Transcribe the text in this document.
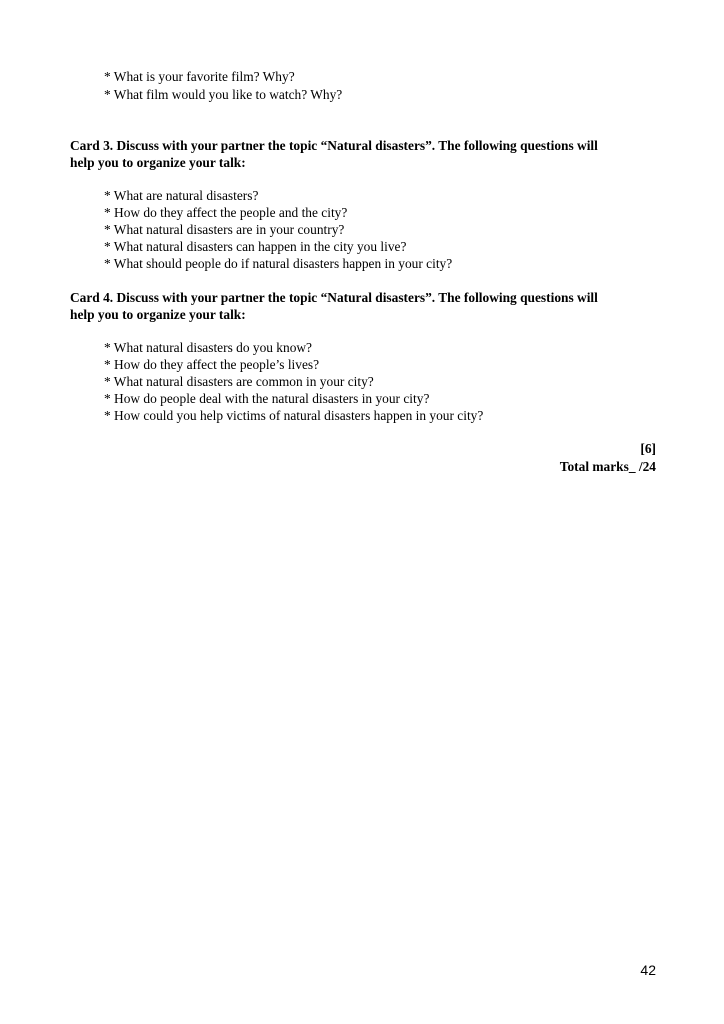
* What is your favorite film? Why?
* What film would you like to watch? Why?
Card 3. Discuss with your partner the topic “Natural disasters”. The following questions will
help you to organize your talk:
* What are natural disasters?
* How do they affect the people and the city?
* What natural disasters are in your country?
* What natural disasters can happen in the city you live?
* What should people do if natural disasters happen in your city?
Card 4. Discuss with your partner the topic “Natural disasters”. The following questions will
help you to organize your talk:
* What natural disasters do you know?
* How do they affect the people’s lives?
* What natural disasters are common in your city?
* How do people deal with the natural disasters in your city?
* How could you help victims of natural disasters happen in your city?
[6]
Total marks_ /24
42
